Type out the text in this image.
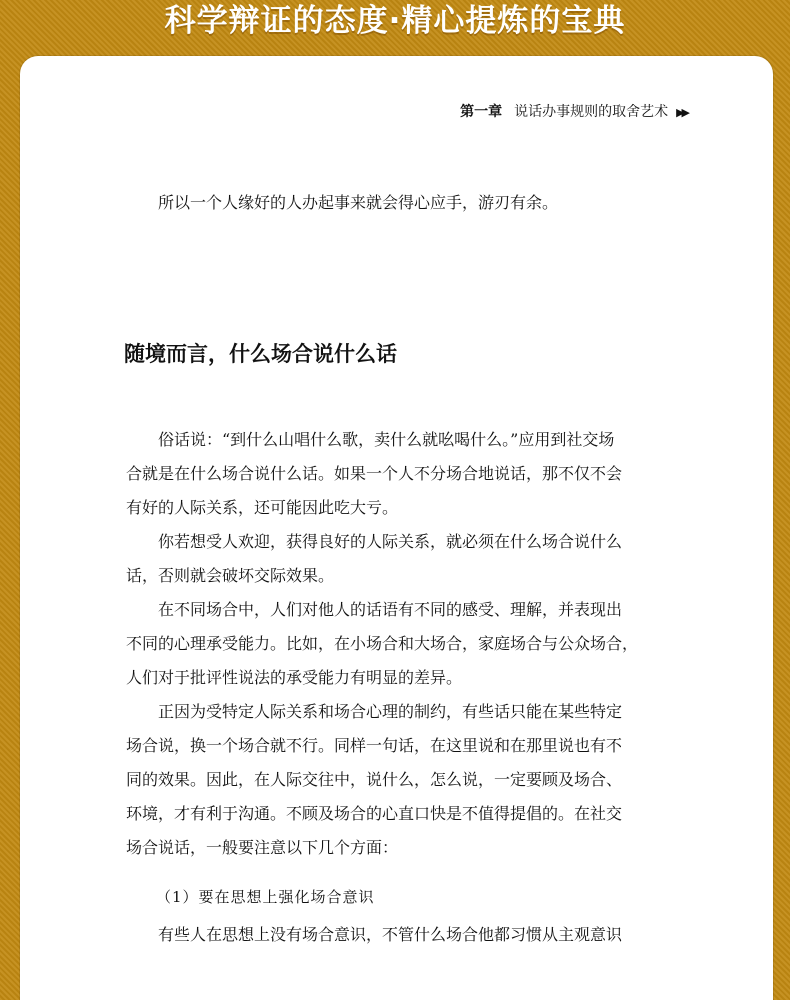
科学辩证的态度·精心提炼的宝典
第一章 说话办事规则的取舍艺术 ▶▶
所以一个人缘好的人办起事来就会得心应手，游刃有余。
随境而言，什么场合说什么话
俗话说：“到什么山唱什么歌，卖什么就吆喝什么。”应用到社交场
合就是在什么场合说什么话。如果一个人不分场合地说话，那不仅不会
有好的人际关系，还可能因此吃大亏。
你若想受人欢迎，获得良好的人际关系，就必须在什么场合说什么
话，否则就会破坏交际效果。
在不同场合中，人们对他人的话语有不同的感受、理解，并表现出
不同的心理承受能力。比如，在小场合和大场合，家庭场合与公众场合，
人们对于批评性说法的承受能力有明显的差异。
正因为受特定人际关系和场合心理的制约，有些话只能在某些特定
场合说，换一个场合就不行。同样一句话，在这里说和在那里说也有不
同的效果。因此，在人际交往中，说什么，怎么说，一定要顾及场合、
环境，才有利于沟通。不顾及场合的心直口快是不值得提倡的。在社交
场合说话，一般要注意以下几个方面：
（1）要在思想上强化场合意识
有些人在思想上没有场合意识，不管什么场合他都习惯从主观意识
